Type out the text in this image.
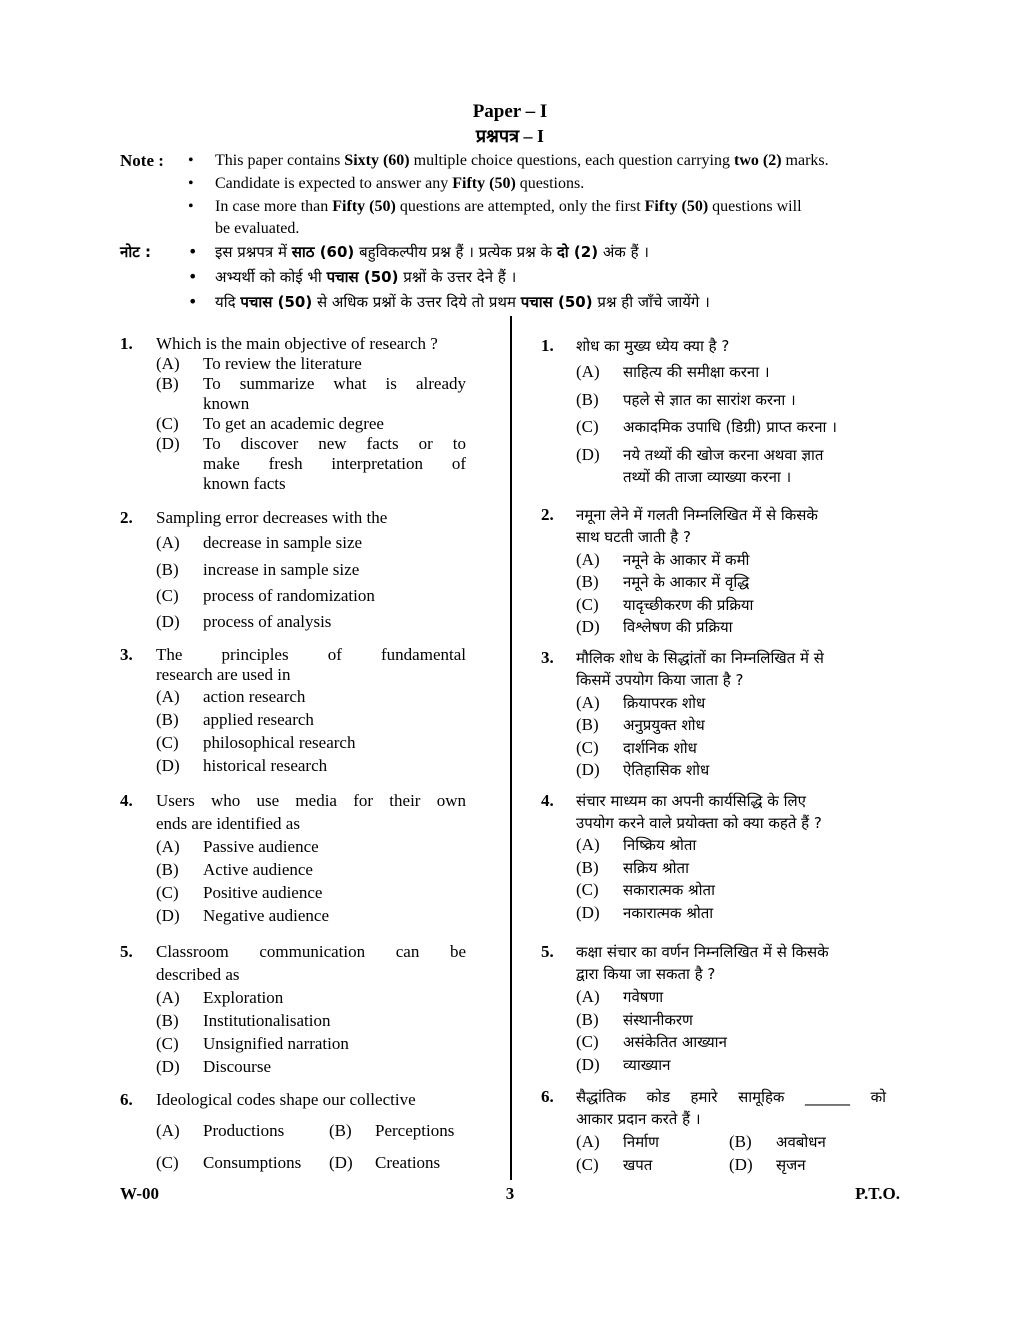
Paper – I
प्रश्नपत्र – I
Note :	• This paper contains Sixty (60) multiple choice questions, each question carrying two (2) marks.
• Candidate is expected to answer any Fifty (50) questions.
• In case more than Fifty (50) questions are attempted, only the first Fifty (50) questions will
be evaluated.
नोट :	• इस प्रश्नपत्र में साठ (60) बहुविकल्पीय प्रश्न हैं । प्रत्येक प्रश्न के दो (2) अंक हैं ।
• अभ्यर्थी को कोई भी पचास (50) प्रश्नों के उत्तर देने हैं ।
• यदि पचास (50) से अधिक प्रश्नों के उत्तर दिये तो प्रथम पचास (50) प्रश्न ही जाँचे जायेंगे ।
1. Which is the main objective of research ?
(A) To review the literature
(B) To summarize what is already
known
(C) To get an academic degree
(D) To discover new facts or to
make fresh interpretation of
known facts
2. Sampling error decreases with the
(A) decrease in sample size
(B) increase in sample size
(C) process of randomization
(D) process of analysis
3. The principles of fundamental
research are used in
(A) action research
(B) applied research
(C) philosophical research
(D) historical research
4. Users who use media for their own
ends are identified as
(A) Passive audience
(B) Active audience
(C) Positive audience
(D) Negative audience
5. Classroom communication can be
described as
(A) Exploration
(B) Institutionalisation
(C) Unsignified narration
(D) Discourse
6. Ideological codes shape our collective
(A) Productions	(B) Perceptions
(C) Consumptions (D) Creations
1. शोध का मुख्य ध्येय क्या है ?
(A) साहित्य की समीक्षा करना ।
(B) पहले से ज्ञात का सारांश करना ।
(C) अकादमिक उपाधि (डिग्री) प्राप्त करना ।
(D) नये तथ्यों की खोज करना अथवा ज्ञात
तथ्यों की ताजा व्याख्या करना ।
2. नमूना लेने में गलती निम्नलिखित में से किसके
साथ घटती जाती है ?
(A) नमूने के आकार में कमी
(B) नमूने के आकार में वृद्धि
(C) यादृच्छीकरण की प्रक्रिया
(D) विश्लेषण की प्रक्रिया
3. मौलिक शोध के सिद्धांतों का निम्नलिखित में से
किसमें उपयोग किया जाता है ?
(A) क्रियापरक शोध
(B) अनुप्रयुक्त शोध
(C) दार्शनिक शोध
(D) ऐतिहासिक शोध
4. संचार माध्यम का अपनी कार्यसिद्धि के लिए
उपयोग करने वाले प्रयोक्ता को क्या कहते हैं ?
(A) निष्क्रिय श्रोता
(B) सक्रिय श्रोता
(C) सकारात्मक श्रोता
(D) नकारात्मक श्रोता
5. कक्षा संचार का वर्णन निम्नलिखित में से किसके
द्वारा किया जा सकता है ?
(A) गवेषणा
(B) संस्थानीकरण
(C) असंकेतित आख्यान
(D) व्याख्यान
6. सैद्धांतिक कोड हमारे सामूहिक ______ को
आकार प्रदान करते हैं ।
(A) निर्माण	(B) अवबोधन
(C) खपत	(D) सृजन
W-00	3	P.T.O.
